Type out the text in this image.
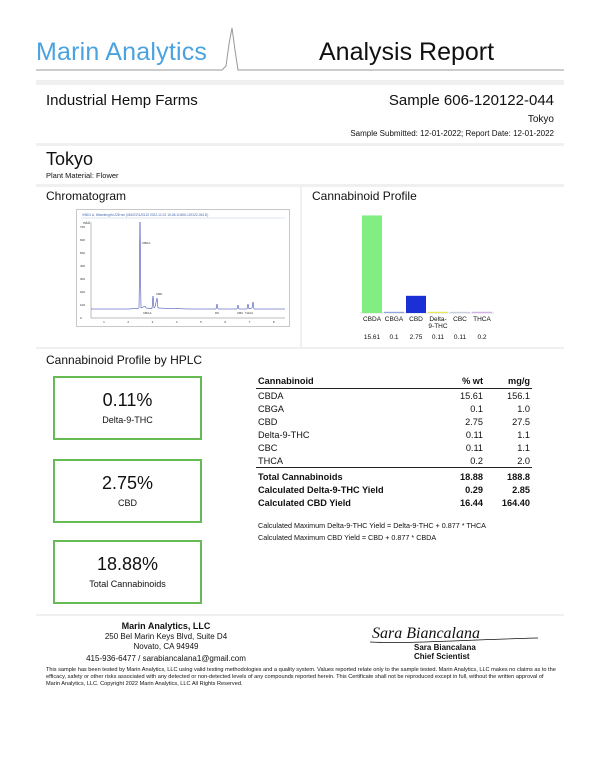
Marin Analytics	Analysis Report
Industrial Hemp Farms	Sample 606-120122-044
Tokyo
Sample Submitted: 12-01-2022; Report Date: 12-01-2022
Tokyo
Plant Material: Flower
Chromatogram
VWD1 A, Wavelength=228 nm (061022\120122 2022-12-01 15-08-11\606-120122-044.D)
mAU
700
600
500
400
300
200
100
0
1	2	3	4	5	6	7	8
CBDA
CBD
CBGA	D9	CBC THCA
Cannabinoid Profile
CBDA
15.61
CBGA
0.1
CBD
2.75
Delta-
9-THC
0.11
CBC
0.11
THCA
0.2
Cannabinoid Profile by HPLC
0.11%
Delta-9-THC
2.75%
CBD
18.88%
Total Cannabinoids
Cannabinoid	% wt	mg/g
CBDA	15.61	156.1
CBGA	0.1	1.0
CBD	2.75	27.5
Delta-9-THC	0.11	1.1
CBC	0.11	1.1
THCA	0.2	2.0
Total Cannabinoids	18.88	188.8
Calculated Delta-9-THC Yield	0.29	2.85
Calculated CBD Yield	16.44	164.40
Calculated Maximum Delta-9-THC Yield = Delta-9-THC + 0.877 * THCA
Calculated Maximum CBD Yield = CBD + 0.877 * CBDA
Marin Analytics, LLC
250 Bel Marin Keys Blvd, Suite D4
Novato, CA 94949
415-936-6477 / sarabiancalana1@gmail.com
Sara Biancalana
Sara Biancalana
Chief Scientist
This sample has been tested by Marin Analytics, LLC using valid testing methodologies and a quality system. Values reported relate only to the sample tested. Marin Analytics, LLC makes no claims as to the efficacy, safety or other risks associated with any detected or non-detected levels of any compounds reported herein. This Certificate shall not be reproduced except in full, without the written approval of Marin Analytics, LLC. Copyright 2022 Marin Analytics, LLC All Rights Reserved.
